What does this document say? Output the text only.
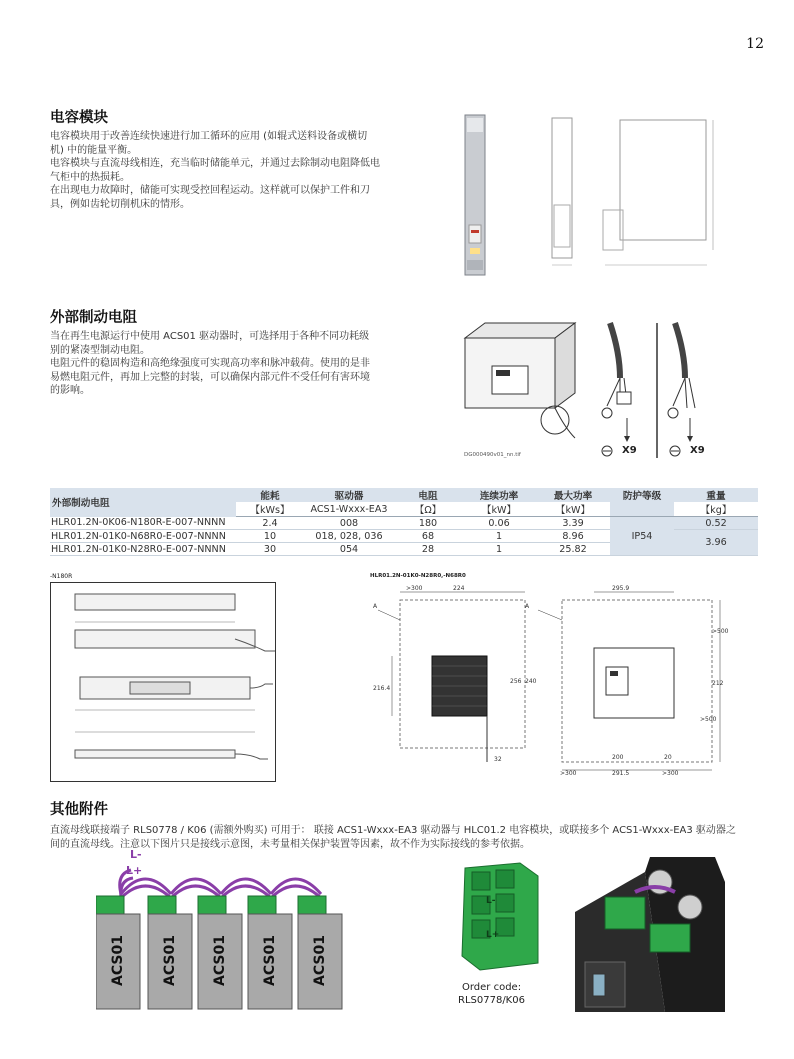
12
电容模块

电容模块用于改善连续快速进行加工循环的应用 (如辊式送料设备或横切

机) 中的能量平衡。

电容模块与直流母线相连，充当临时储能单元，并通过去除制动电阻降低电

气柜中的热损耗。

在出现电力故障时，储能可实现受控回程运动。这样就可以保护工件和刀

具，例如齿轮切削机床的情形。

外部制动电阻

当在再生电源运行中使用 ACS01 驱动器时，可选择用于各种不同功耗级

别的紧凑型制动电阻。

电阻元件的稳固构造和高绝缘强度可实现高功率和脉冲载荷。使用的是非

易燃电阻元件，再加上完整的封装，可以确保内部元件不受任何有害环境

的影响。

DG000490v01_nn.tif	X9	X9
外部制动电阻	能耗	驱动器	电阻	连续功率	最大功率	防护等级	重量
	【kWs】	ACS1-Wxxx-EA3	【Ω】	【kW】	【kW】		【kg】
HLR01.2N-0K06-N180R-E-007-NNNN	2.4	008	180	0.06	3.39	IP54	0.52
HLR01.2N-01K0-N68R0-E-007-NNNN	10	018, 028, 036	68	1	8.96		3.96
HLR01.2N-01K0-N28R0-E-007-NNNN	30	054	28	1	25.82		
-N180R	HLR01.2N-01K0-N28R0,-N68R0
>300	224
A
216.4
32
295.9
A
>500
256 240	212
>500
200	20
>300	291.5	>300
其他附件

直流母线联接端子 RLS0778 / K06 (需额外购买) 可用于： 联接 ACS1-Wxxx-EA3 驱动器与 HLC01.2 电容模块，或联接多个 ACS1-Wxxx-EA3 驱动器之

间的直流母线。注意以下图片只是接线示意图，未考量相关保护装置等因素，故不作为实际接线的参考依据。

L-
L+
ACS01	ACS01 ACS01 ACS01 ACS01
L-
L+
Order code:
RLS0778/K06
